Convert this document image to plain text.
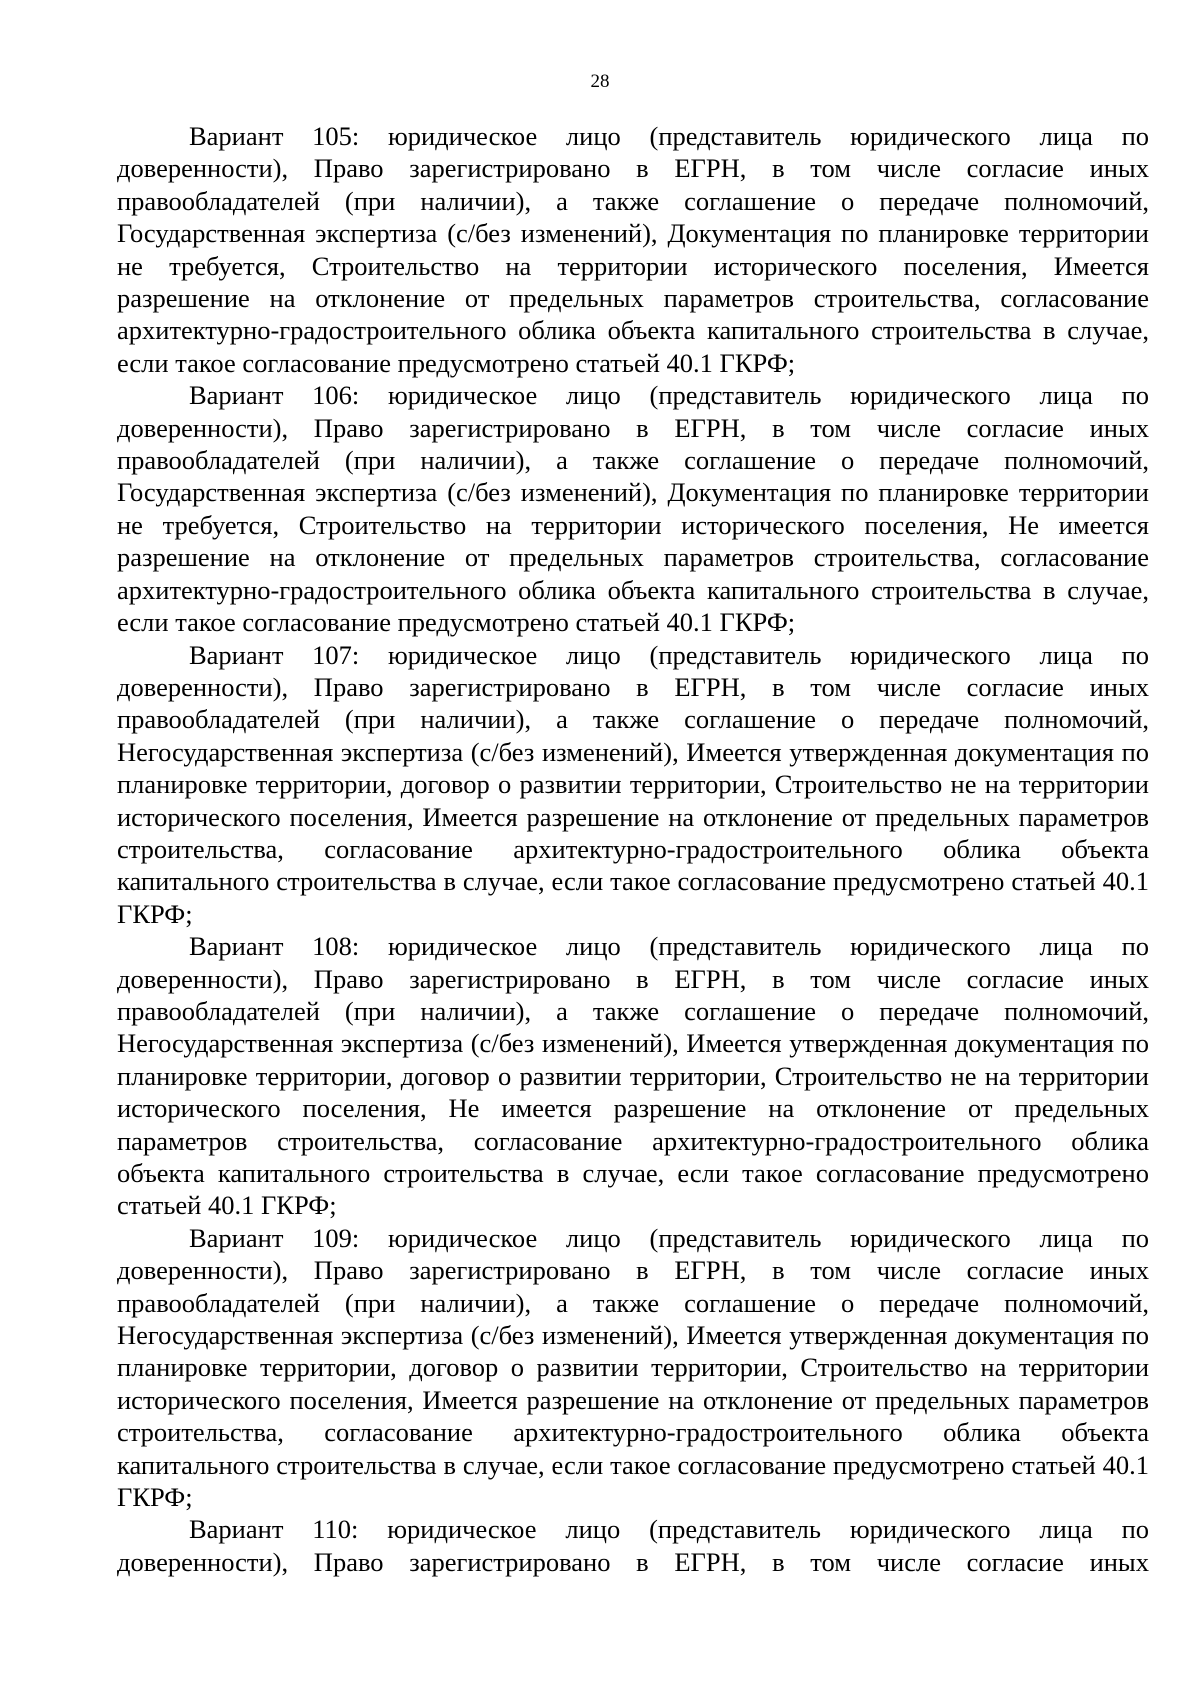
28

Вариант 105: юридическое лицо (представитель юридического лица по доверенности), Право зарегистрировано в ЕГРН, в том числе согласие иных правообладателей (при наличии), а также соглашение о передаче полномочий, Государственная экспертиза (с/без изменений), Документация по планировке территории не требуется, Строительство на территории исторического поселения, Имеется разрешение на отклонение от предельных параметров строительства, согласование архитектурно-градостроительного облика объекта капитального строительства в случае, если такое согласование предусмотрено статьей 40.1 ГКРФ;

Вариант 106: юридическое лицо (представитель юридического лица по доверенности), Право зарегистрировано в ЕГРН, в том числе согласие иных правообладателей (при наличии), а также соглашение о передаче полномочий, Государственная экспертиза (с/без изменений), Документация по планировке территории не требуется, Строительство на территории исторического поселения, Не имеется разрешение на отклонение от предельных параметров строительства, согласование архитектурно-градостроительного облика объекта капитального строительства в случае, если такое согласование предусмотрено статьей 40.1 ГКРФ;

Вариант 107: юридическое лицо (представитель юридического лица по доверенности), Право зарегистрировано в ЕГРН, в том числе согласие иных правообладателей (при наличии), а также соглашение о передаче полномочий, Негосударственная экспертиза (с/без изменений), Имеется утвержденная документация по планировке территории, договор о развитии территории, Строительство не на территории исторического поселения, Имеется разрешение на отклонение от предельных параметров строительства, согласование архитектурно-градостроительного облика объекта капитального строительства в случае, если такое согласование предусмотрено статьей 40.1 ГКРФ;

Вариант 108: юридическое лицо (представитель юридического лица по доверенности), Право зарегистрировано в ЕГРН, в том числе согласие иных правообладателей (при наличии), а также соглашение о передаче полномочий, Негосударственная экспертиза (с/без изменений), Имеется утвержденная документация по планировке территории, договор о развитии территории, Строительство не на территории исторического поселения, Не имеется разрешение на отклонение от предельных параметров строительства, согласование архитектурно-градостроительного облика объекта капитального строительства в случае, если такое согласование предусмотрено статьей 40.1 ГКРФ;

Вариант 109: юридическое лицо (представитель юридического лица по доверенности), Право зарегистрировано в ЕГРН, в том числе согласие иных правообладателей (при наличии), а также соглашение о передаче полномочий, Негосударственная экспертиза (с/без изменений), Имеется утвержденная документация по планировке территории, договор о развитии территории, Строительство на территории исторического поселения, Имеется разрешение на отклонение от предельных параметров строительства, согласование архитектурно-градостроительного облика объекта капитального строительства в случае, если такое согласование предусмотрено статьей 40.1 ГКРФ;

Вариант 110: юридическое лицо (представитель юридического лица по доверенности), Право зарегистрировано в ЕГРН, в том числе согласие иных
